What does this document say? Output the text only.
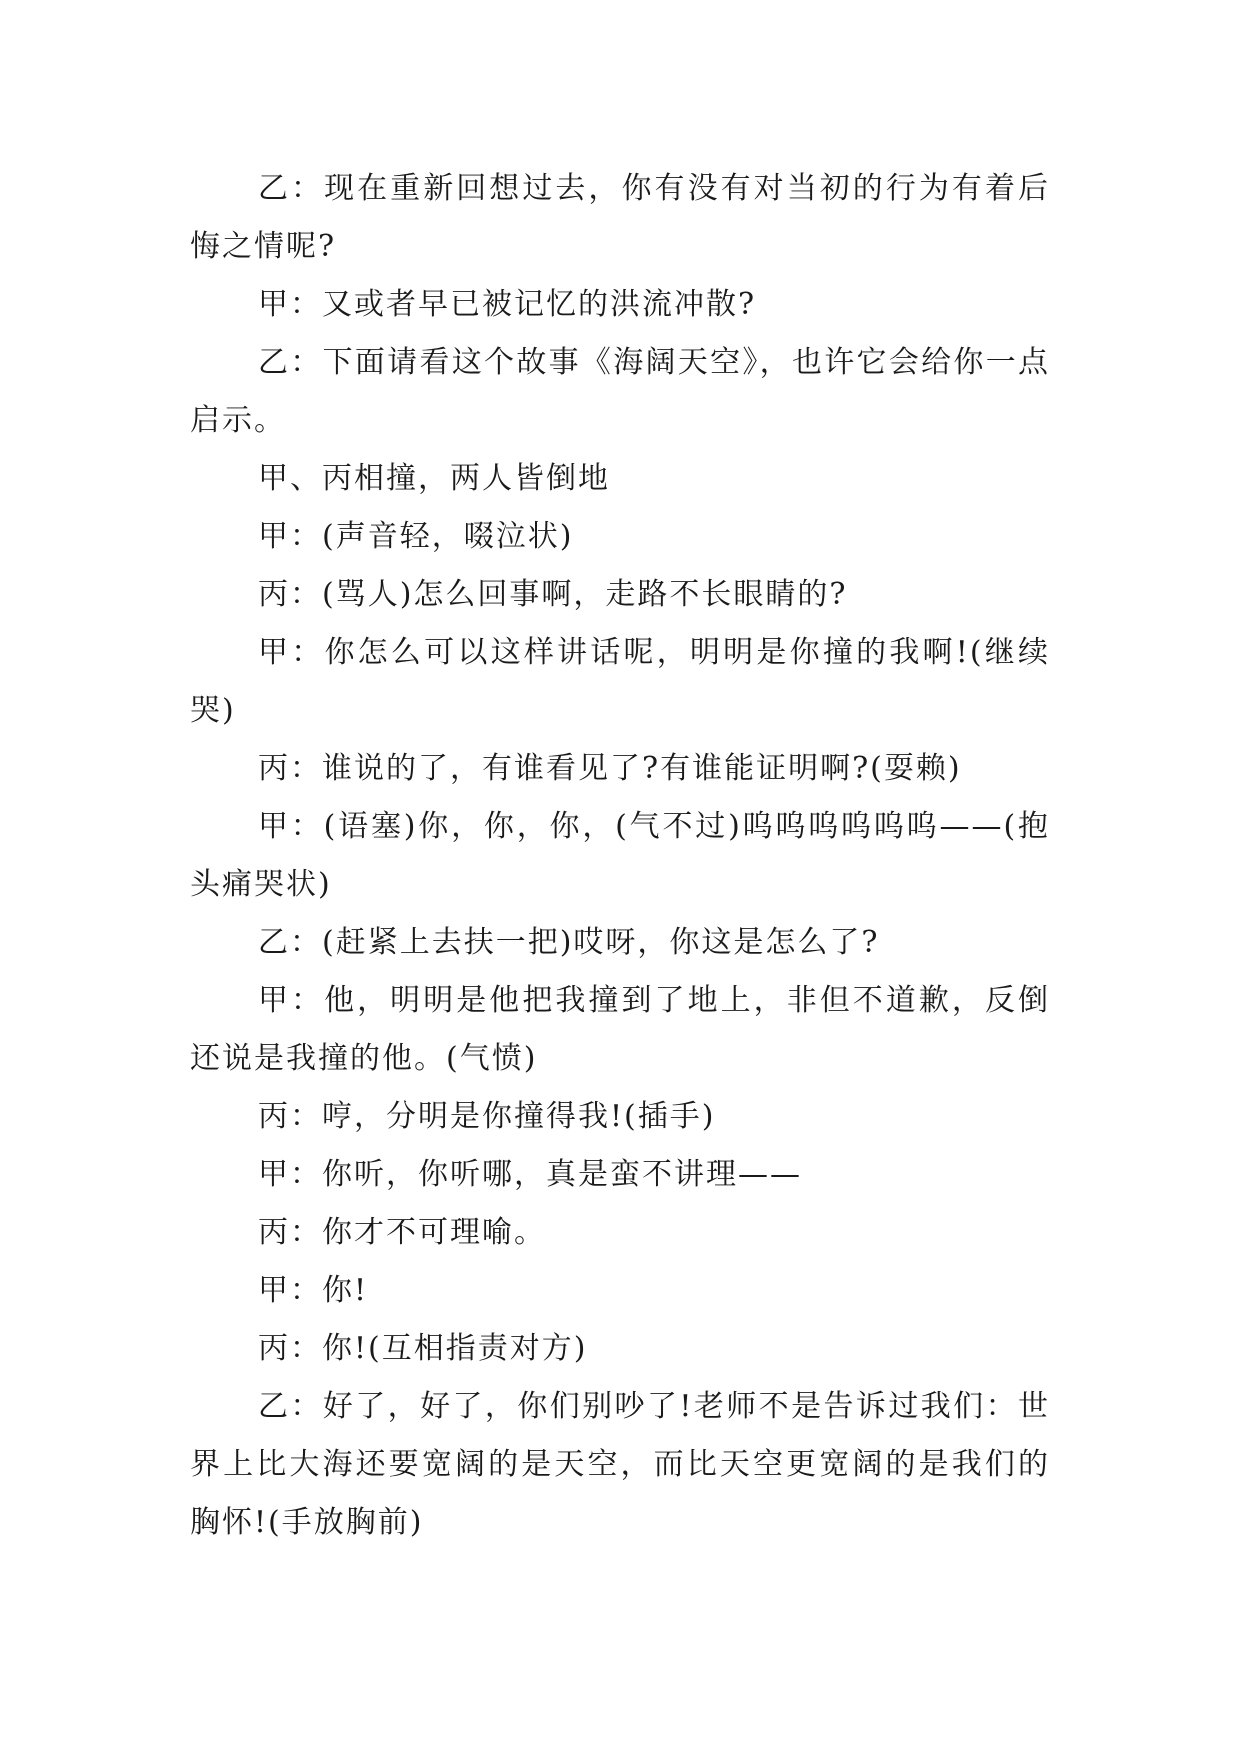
乙：现在重新回想过去，你有没有对当初的行为有着后悔之情呢?

甲：又或者早已被记忆的洪流冲散?

乙：下面请看这个故事《海阔天空》，也许它会给你一点启示。

甲、丙相撞，两人皆倒地

甲：(声音轻，啜泣状)

丙：(骂人)怎么回事啊，走路不长眼睛的?

甲：你怎么可以这样讲话呢，明明是你撞的我啊!(继续哭)

丙：谁说的了，有谁看见了?有谁能证明啊?(耍赖)

甲：(语塞)你，你，你，(气不过)呜呜呜呜呜呜——(抱头痛哭状)

乙：(赶紧上去扶一把)哎呀，你这是怎么了?

甲：他，明明是他把我撞到了地上，非但不道歉，反倒还说是我撞的他。(气愤)

丙：哼，分明是你撞得我!(插手)

甲：你听，你听哪，真是蛮不讲理——

丙：你才不可理喻。

甲：你!

丙：你!(互相指责对方)

乙：好了，好了，你们别吵了!老师不是告诉过我们：世界上比大海还要宽阔的是天空，而比天空更宽阔的是我们的胸怀!(手放胸前)
